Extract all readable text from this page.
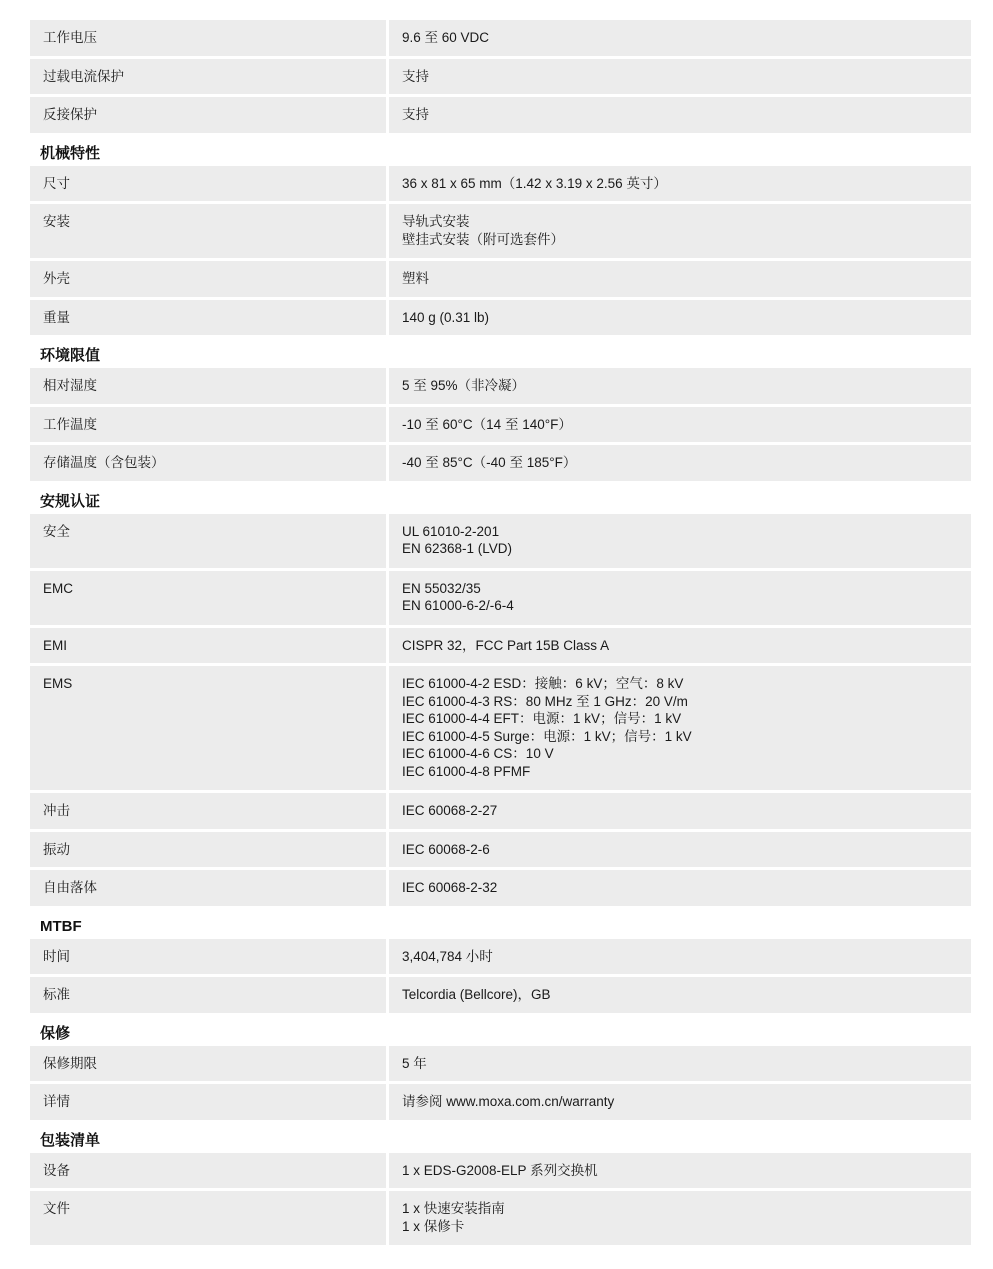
工作电压	9.6 至 60 VDC
过载电流保护	支持
反接保护	支持
机械特性
尺寸	36 x 81 x 65 mm（1.42 x 3.19 x 2.56 英寸）
安装	导轨式安装
壁挂式安装（附可选套件）
外壳	塑料
重量	140 g (0.31 lb)
环境限值
相对湿度	5 至 95%（非冷凝）
工作温度	-10 至 60°C（14 至 140°F）
存储温度（含包装）	-40 至 85°C（-40 至 185°F）
安规认证
安全	UL 61010-2-201
EN 62368-1 (LVD)
EMC	EN 55032/35
EN 61000-6-2/-6-4
EMI	CISPR 32，FCC Part 15B Class A
EMS	IEC 61000-4-2 ESD：接触：6 kV；空气：8 kV
IEC 61000-4-3 RS：80 MHz 至 1 GHz：20 V/m
IEC 61000-4-4 EFT：电源：1 kV；信号：1 kV
IEC 61000-4-5 Surge：电源：1 kV；信号：1 kV
IEC 61000-4-6 CS：10 V
IEC 61000-4-8 PFMF
冲击	IEC 60068-2-27
振动	IEC 60068-2-6
自由落体	IEC 60068-2-32
MTBF
时间	3,404,784 小时
标准	Telcordia (Bellcore)，GB
保修
保修期限	5 年
详情	请参阅 www.moxa.com.cn/warranty
包装清单
设备	1 x EDS-G2008-ELP 系列交换机
文件	1 x 快速安装指南
1 x 保修卡
